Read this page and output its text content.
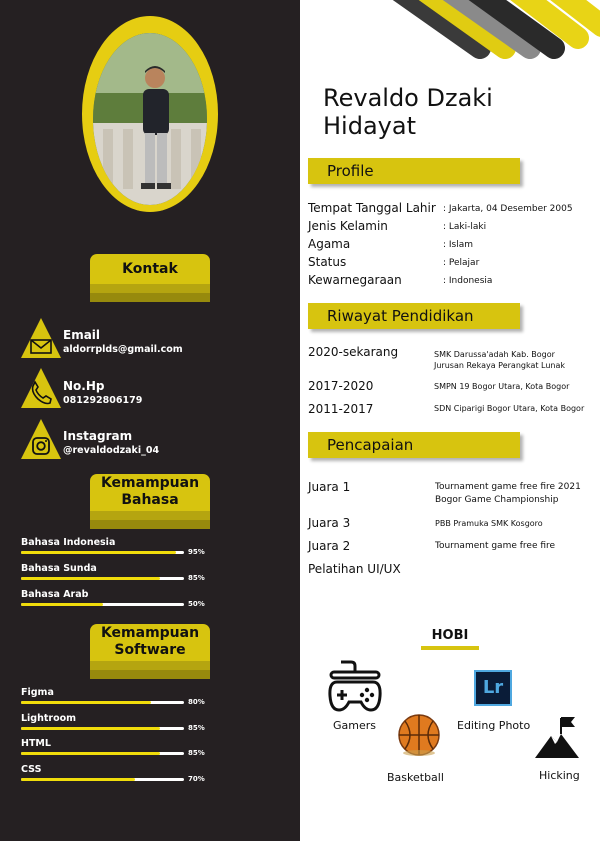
Kontak
Email
aldorrplds@gmail.com
No.Hp
081292806179
Instagram
@revaldodzaki_04
Kemampuan
Bahasa
Bahasa Indonesia
95%
Bahasa Sunda
85%
Bahasa Arab
50%
Kemampuan
Software
Figma
80%
Lightroom
85%
HTML
85%
CSS
70%
Revaldo Dzaki
Hidayat
Profile
Tempat Tanggal Lahir : Jakarta, 04 Desember 2005
Jenis Kelamin	: Laki-laki
Agama	: Islam
Status	: Pelajar
Kewarnegaraan	: Indonesia
Riwayat Pendidikan
2020-sekarang	SMK Darussa'adah Kab. Bogor
Jurusan Rekaya Perangkat Lunak
2017-2020	SMPN 19 Bogor Utara, Kota Bogor
2011-2017	SDN Ciparigi Bogor Utara, Kota Bogor
Pencapaian
Juara 1	Tournament game free fire 2021
Bogor Game Championship
Juara 3	PBB Pramuka SMK Kosgoro
Juara 2	Tournament game free fire
Pelatihan UI/UX
HOBI
Gamers
Lr
Editing Photo
Basketball	Hicking
